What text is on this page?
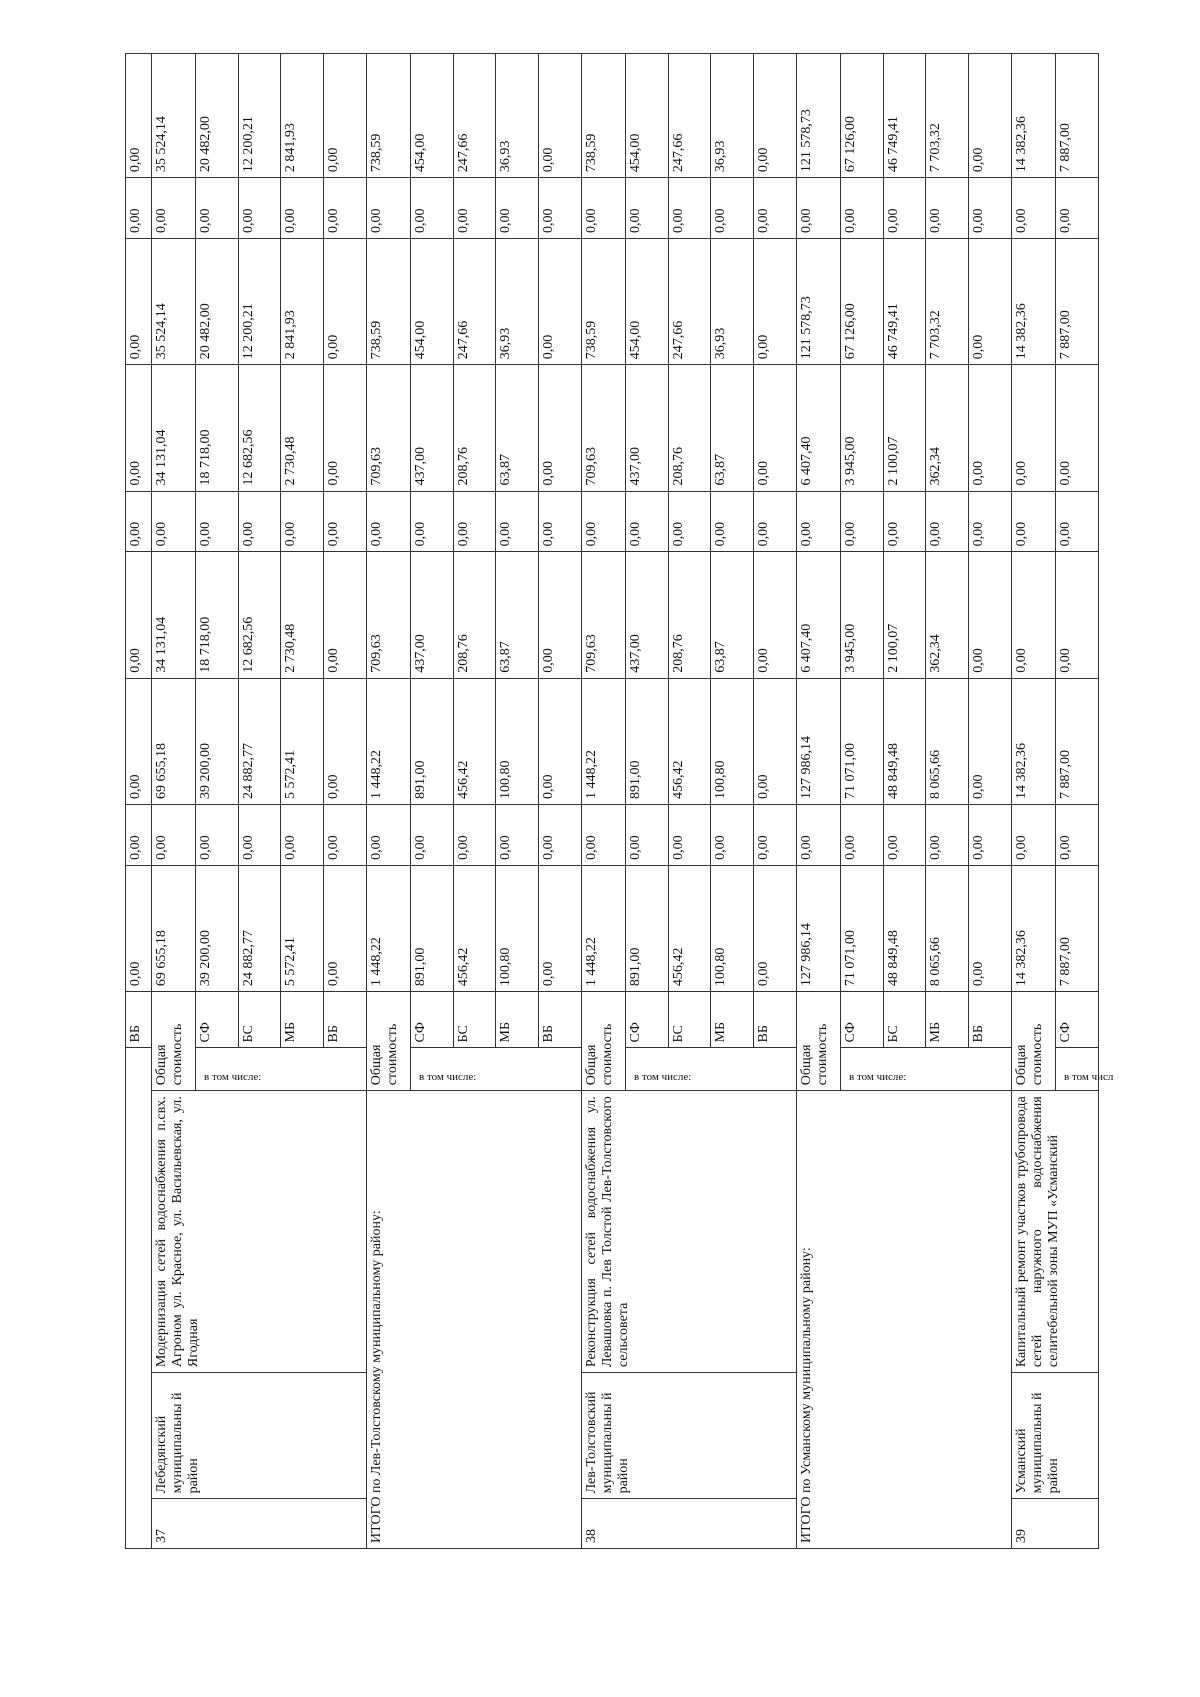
				ВБ	0,00	0,00	0,00	0,00	0,00	0,00	0,00	0,00	0,00
37	Лебедянский муниципальны й район	Модернизация сетей водоснабжения п.свх. Агроном ул. Красное, ул. Васильевская, ул. Ягодная	Общая стоимость		69 655,18	0,00	69 655,18	34 131,04	0,00	34 131,04	35 524,14	0,00	35 524,14

			в том числе:	СФ	39 200,00	0,00	39 200,00	18 718,00	0,00	18 718,00	20 482,00	0,00	20 482,00
				БС	24 882,77	0,00	24 882,77	12 682,56	0,00	12 682,56	12 200,21	0,00	12 200,21
				МБ	5 572,41	0,00	5 572,41	2 730,48	0,00	2 730,48	2 841,93	0,00	2 841,93
				ВБ	0,00	0,00	0,00	0,00	0,00	0,00	0,00	0,00	0,00
ИТОГО по Лев-Толстовскому муниципальному району:			Общая стоимость		1 448,22	0,00	1 448,22	709,63	0,00	709,63	738,59	0,00	738,59

			в том числе:	СФ	891,00	0,00	891,00	437,00	0,00	437,00	454,00	0,00	454,00
				БС	456,42	0,00	456,42	208,76	0,00	208,76	247,66	0,00	247,66
				МБ	100,80	0,00	100,80	63,87	0,00	63,87	36,93	0,00	36,93
				ВБ	0,00	0,00	0,00	0,00	0,00	0,00	0,00	0,00	0,00
38	Лев-Толстовский муниципальны й район	Реконструкция сетей водоснабжения ул. Левашовка п. Лев Толстой Лев-Толстовского сельсовета	Общая стоимость		1 448,22	0,00	1 448,22	709,63	0,00	709,63	738,59	0,00	738,59

			в том числе:	СФ	891,00	0,00	891,00	437,00	0,00	437,00	454,00	0,00	454,00
				БС	456,42	0,00	456,42	208,76	0,00	208,76	247,66	0,00	247,66
				МБ	100,80	0,00	100,80	63,87	0,00	63,87	36,93	0,00	36,93
				ВБ	0,00	0,00	0,00	0,00	0,00	0,00	0,00	0,00	0,00
ИТОГО по Усманскому муниципальному району:			Общая стоимость		127 986,14	0,00	127 986,14	6 407,40	0,00	6 407,40	121 578,73	0,00	121 578,73

			в том числе:	СФ	71 071,00	0,00	71 071,00	3 945,00	0,00	3 945,00	67 126,00	0,00	67 126,00
				БС	48 849,48	0,00	48 849,48	2 100,07	0,00	2 100,07	46 749,41	0,00	46 749,41
				МБ	8 065,66	0,00	8 065,66	362,34	0,00	362,34	7 703,32	0,00	7 703,32
				ВБ	0,00	0,00	0,00	0,00	0,00	0,00	0,00	0,00	0,00
39	Усманский муниципальны й район	Капитальный ремонт участков трубопровода сетей наружного водоснабжения селитебельной зоны МУП «Усманский	Общая стоимость		14 382,36	0,00	14 382,36	0,00	0,00	0,00	14 382,36	0,00	14 382,36

			в том числ	СФ	7 887,00	0,00	7 887,00	0,00	0,00	0,00	7 887,00	0,00	7 887,00
